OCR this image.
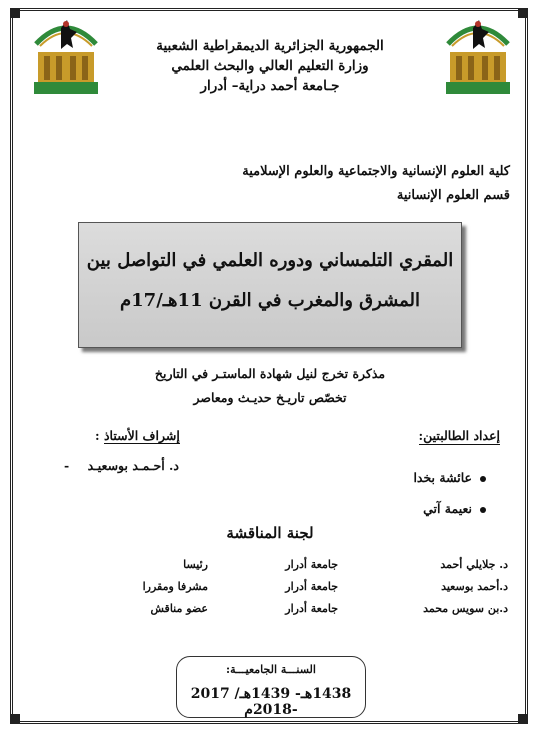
الجمهورية الجزائرية الديمقراطية الشعبية
وزارة التعليم العالي والبحث العلمي
جـامعة أحمد دراية– أدرار
كلية العلوم الإنسانية والاجتماعية والعلوم الإسلامية
قسم العلوم الإنسانية
المقري التلمساني ودوره العلمي في التواصل بين
المشرق والمغرب في القرن 11هـ/17م
مذكرة تخرج لنيل شهادة الماستـر في التاريخ
تخصّص تاريـخ حديـث ومعاصر
إعداد الطالبتين:
إشراف الأستاذ :
د. أحـمـد بوسعيـد -
عائشة بخدا
نعيمة آتي
لجنة المناقشة
د. جلايلي أحمد
جامعة أدرار
رئيسا
د.أحمد بوسعيد
جامعة أدرار
مشرفا ومقررا
د.بن سويس محمد
جامعة أدرار
عضو مناقش
السنـــة الجامعيـــة:
1438هـ- 1439هـ/ 2017 -2018م
